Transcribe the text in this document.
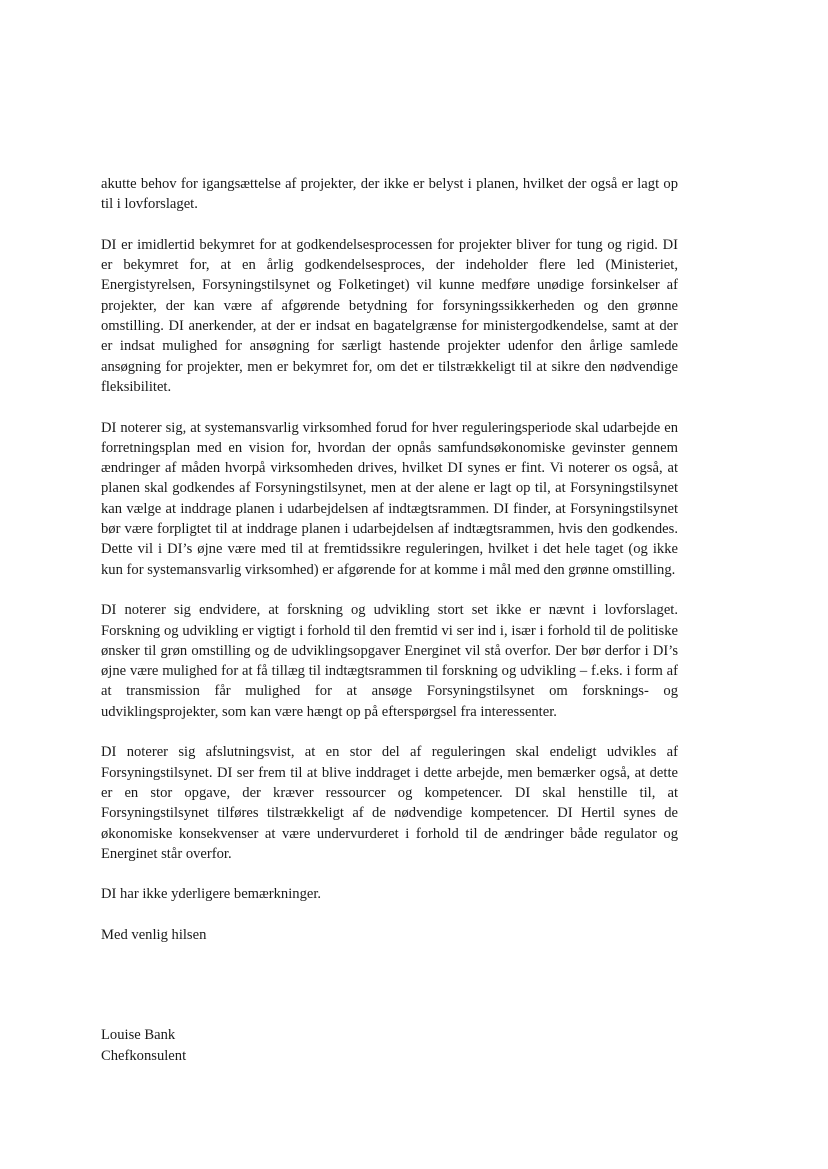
akutte behov for igangsættelse af projekter, der ikke er belyst i planen, hvilket der også er lagt op til i lovforslaget.

DI er imidlertid bekymret for at godkendelsesprocessen for projekter bliver for tung og rigid. DI er bekymret for, at en årlig godkendelsesproces, der indeholder flere led (Ministeriet, Energistyrelsen, Forsyningstilsynet og Folketinget) vil kunne medføre unødige forsinkelser af projekter, der kan være af afgørende betydning for forsyningssikkerheden og den grønne omstilling. DI anerkender, at der er indsat en bagatelgrænse for ministergodkendelse, samt at der er indsat mulighed for ansøgning for særligt hastende projekter udenfor den årlige samlede ansøgning for projekter, men er bekymret for, om det er tilstrækkeligt til at sikre den nødvendige fleksibilitet.

DI noterer sig, at systemansvarlig virksomhed forud for hver reguleringsperiode skal udarbejde en forretningsplan med en vision for, hvordan der opnås samfundsøkonomiske gevinster gennem ændringer af måden hvorpå virksomheden drives, hvilket DI synes er fint. Vi noterer os også, at planen skal godkendes af Forsyningstilsynet, men at der alene er lagt op til, at Forsyningstilsynet kan vælge at inddrage planen i udarbejdelsen af indtægtsrammen. DI finder, at Forsyningstilsynet bør være forpligtet til at inddrage planen i udarbejdelsen af indtægtsrammen, hvis den godkendes. Dette vil i DI’s øjne være med til at fremtidssikre reguleringen, hvilket i det hele taget (og ikke kun for systemansvarlig virksomhed) er afgørende for at komme i mål med den grønne omstilling.

DI noterer sig endvidere, at forskning og udvikling stort set ikke er nævnt i lovforslaget. Forskning og udvikling er vigtigt i forhold til den fremtid vi ser ind i, især i forhold til de politiske ønsker til grøn omstilling og de udviklingsopgaver Energinet vil stå overfor. Der bør derfor i DI’s øjne være mulighed for at få tillæg til indtægtsrammen til forskning og udvikling – f.eks. i form af at transmission får mulighed for at ansøge Forsyningstilsynet om forsknings- og udviklingsprojekter, som kan være hængt op på efterspørgsel fra interessenter.

DI noterer sig afslutningsvist, at en stor del af reguleringen skal endeligt udvikles af Forsyningstilsynet. DI ser frem til at blive inddraget i dette arbejde, men bemærker også, at dette er en stor opgave, der kræver ressourcer og kompetencer. DI skal henstille til, at Forsyningstilsynet tilføres tilstrækkeligt af de nødvendige kompetencer. DI Hertil synes de økonomiske konsekvenser at være undervurderet i forhold til de ændringer både regulator og Energinet står overfor.

DI har ikke yderligere bemærkninger.

Med venlig hilsen

Louise Bank
Chefkonsulent
